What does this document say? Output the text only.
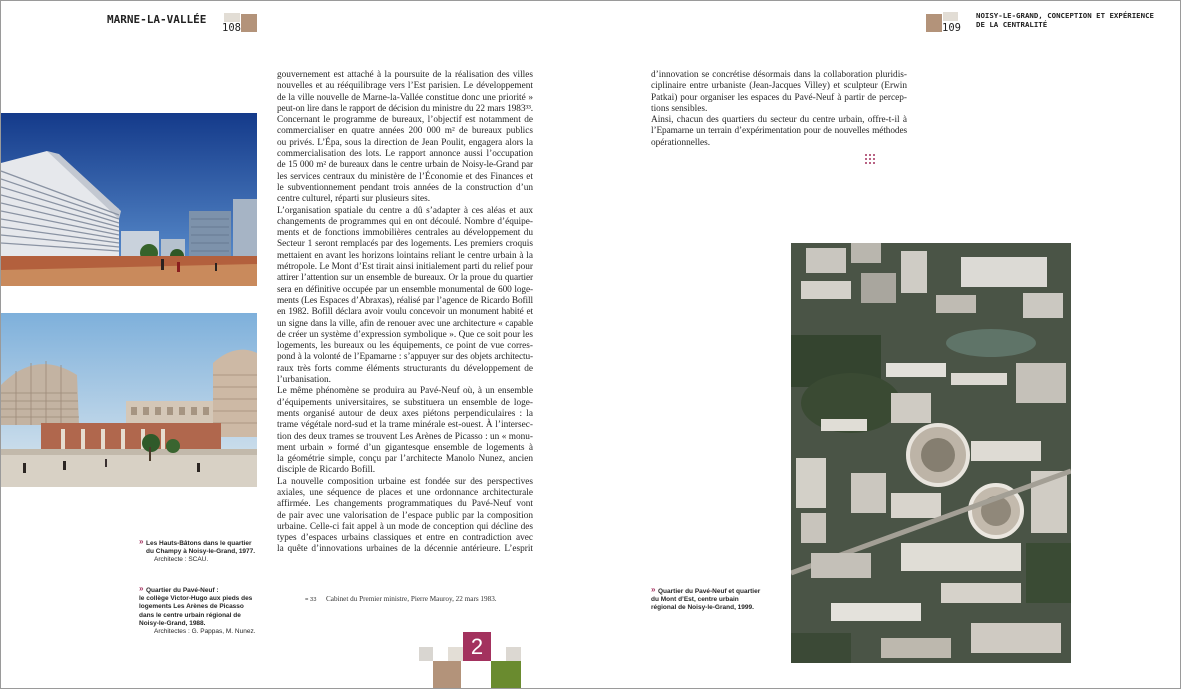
MARNE-LA-VALLÉE
108	109
NOISY-LE-GRAND, CONCEPTION ET EXPÉRIENCE
DE LA CENTRALITÉ
gouvernement est attaché à la poursuite de la réalisation des villes
nouvelles et au rééquilibrage vers l’Est parisien. Le développement
de la ville nouvelle de Marne-la-Vallée constitue donc une priorité »
peut-on lire dans le rapport de décision du ministre du 22 mars 1983³³.
Concernant le programme de bureaux, l’objectif est notamment de
commercialiser en quatre années 200 000 m² de bureaux publics
ou privés. L’Épa, sous la direction de Jean Poulit, engagera alors la
commercialisation des lots. Le rapport annonce aussi l’occupation
de 15 000 m² de bureaux dans le centre urbain de Noisy-le-Grand par
les services centraux du ministère de l’Économie et des Finances et
le subventionnement pendant trois années de la construction d’un
centre culturel, réparti sur plusieurs sites.
L’organisation spatiale du centre a dû s’adapter à ces aléas et aux
changements de programmes qui en ont découlé. Nombre d’équipe-
ments et de fonctions immobilières centrales au développement du
Secteur 1 seront remplacés par des logements. Les premiers croquis
mettaient en avant les horizons lointains reliant le centre urbain à la
métropole. Le Mont d’Est tirait ainsi initialement parti du relief pour
attirer l’attention sur un ensemble de bureaux. Or la proue du quartier
sera en définitive occupée par un ensemble monumental de 600 loge-
ments (Les Espaces d’Abraxas), réalisé par l’agence de Ricardo Bofill
en 1982. Bofill déclara avoir voulu concevoir un monument habité et
un signe dans la ville, afin de renouer avec une architecture « capable
de créer un système d’expression symbolique ». Que ce soit pour les
logements, les bureaux ou les équipements, ce point de vue corres-
pond à la volonté de l’Epamarne : s’appuyer sur des objets architectu-
raux très forts comme éléments structurants du développement de
l’urbanisation.
Le même phénomène se produira au Pavé-Neuf où, à un ensemble
d’équipements universitaires, se substituera un ensemble de loge-
ments organisé autour de deux axes piétons perpendiculaires : la
trame végétale nord-sud et la trame minérale est-ouest. À l’intersec-
tion des deux trames se trouvent Les Arènes de Picasso : un « monu-
ment urbain » formé d’un gigantesque ensemble de logements à
la géométrie simple, conçu par l’architecte Manolo Nunez, ancien
disciple de Ricardo Bofill.
La nouvelle composition urbaine est fondée sur des perspectives
axiales, une séquence de places et une ordonnance architecturale
affirmée. Les changements programmatiques du Pavé-Neuf vont
de pair avec une valorisation de l’espace public par la composition
urbaine. Celle-ci fait appel à un mode de conception qui décline des
types d’espaces urbains classiques et entre en contradiction avec
la quête d’innovations urbaines de la décennie antérieure. L’esprit
» Les Hauts-Bâtons dans le quartier
du Champy à Noisy-le-Grand, 1977.
Architecte : SCAU.
» Quartier du Pavé-Neuf :
le collège Victor-Hugo aux pieds des
logements Les Arènes de Picasso
dans le centre urbain régional de
Noisy-le-Grand, 1988.
Architectes : G. Pappas, M. Nunez.
= 33 Cabinet du Premier ministre, Pierre Mauroy, 22 mars 1983.
2
d’innovation se concrétise désormais dans la collaboration pluridis-
ciplinaire entre urbaniste (Jean-Jacques Villey) et sculpteur (Erwin
Patkai) pour organiser les espaces du Pavé-Neuf à partir de percep-
tions sensibles.
Ainsi, chacun des quartiers du secteur du centre urbain, offre-t-il à
l’Epamarne un terrain d’expérimentation pour de nouvelles méthodes
opérationnelles.
» Quartier du Pavé-Neuf et quartier
du Mont d’Est, centre urbain
régional de Noisy-le-Grand, 1999.
